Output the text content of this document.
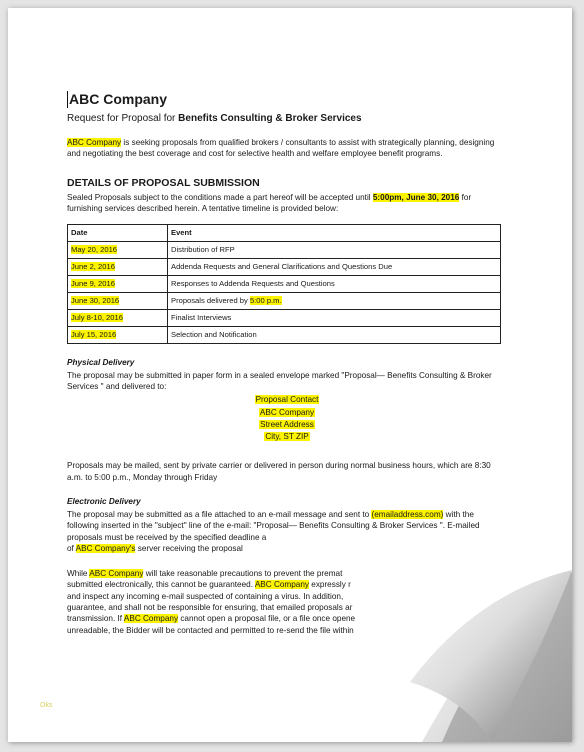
ABC Company

Request for Proposal for Benefits Consulting & Broker Services

ABC Company is seeking proposals from qualified brokers / consultants to assist with strategically planning, designing and negotiating the best coverage and cost for selective health and welfare employee benefit programs.

DETAILS OF PROPOSAL SUBMISSION

Sealed Proposals subject to the conditions made a part hereof will be accepted until 5:00pm, June 30, 2016 for furnishing services described herein. A tentative timeline is provided below:

Date	Event
May 20, 2016	Distribution of RFP
June 2, 2016	Addenda Requests and General Clarifications and Questions Due
June 9, 2016	Responses to Addenda Requests and Questions
June 30, 2016	Proposals delivered by 5:00 p.m.
July 8-10, 2016	Finalist Interviews
July 15, 2016	Selection and Notification

Physical Delivery

The proposal may be submitted in paper form in a sealed envelope marked "Proposal— Benefits Consulting & Broker Services " and delivered to:

Proposal Contact
ABC Company
Street Address
City, ST ZIP

Proposals may be mailed, sent by private carrier or delivered in person during normal business hours, which are 8:30 a.m. to 5:00 p.m., Monday through Friday

Electronic Delivery

The proposal may be submitted as a file attached to an e-mail message and sent to (emailaddress.com) with the following inserted in the "subject" line of the e-mail: "Proposal— Benefits Consulting & Broker Services ". E-mailed proposals must be received by the specified deadline a
of ABC Company's server receiving the proposal

While ABC Company will take reasonable precautions to prevent the premat
submitted electronically, this cannot be guaranteed. ABC Company expressly r
and inspect any incoming e-mail suspected of containing a virus. In addition,
guarantee, and shall not be responsible for ensuring, that emailed proposals ar
transmission. If ABC Company cannot open a proposal file, or a file once opene
unreadable, the Bidder will be contacted and permitted to re-send the file within

Oks
